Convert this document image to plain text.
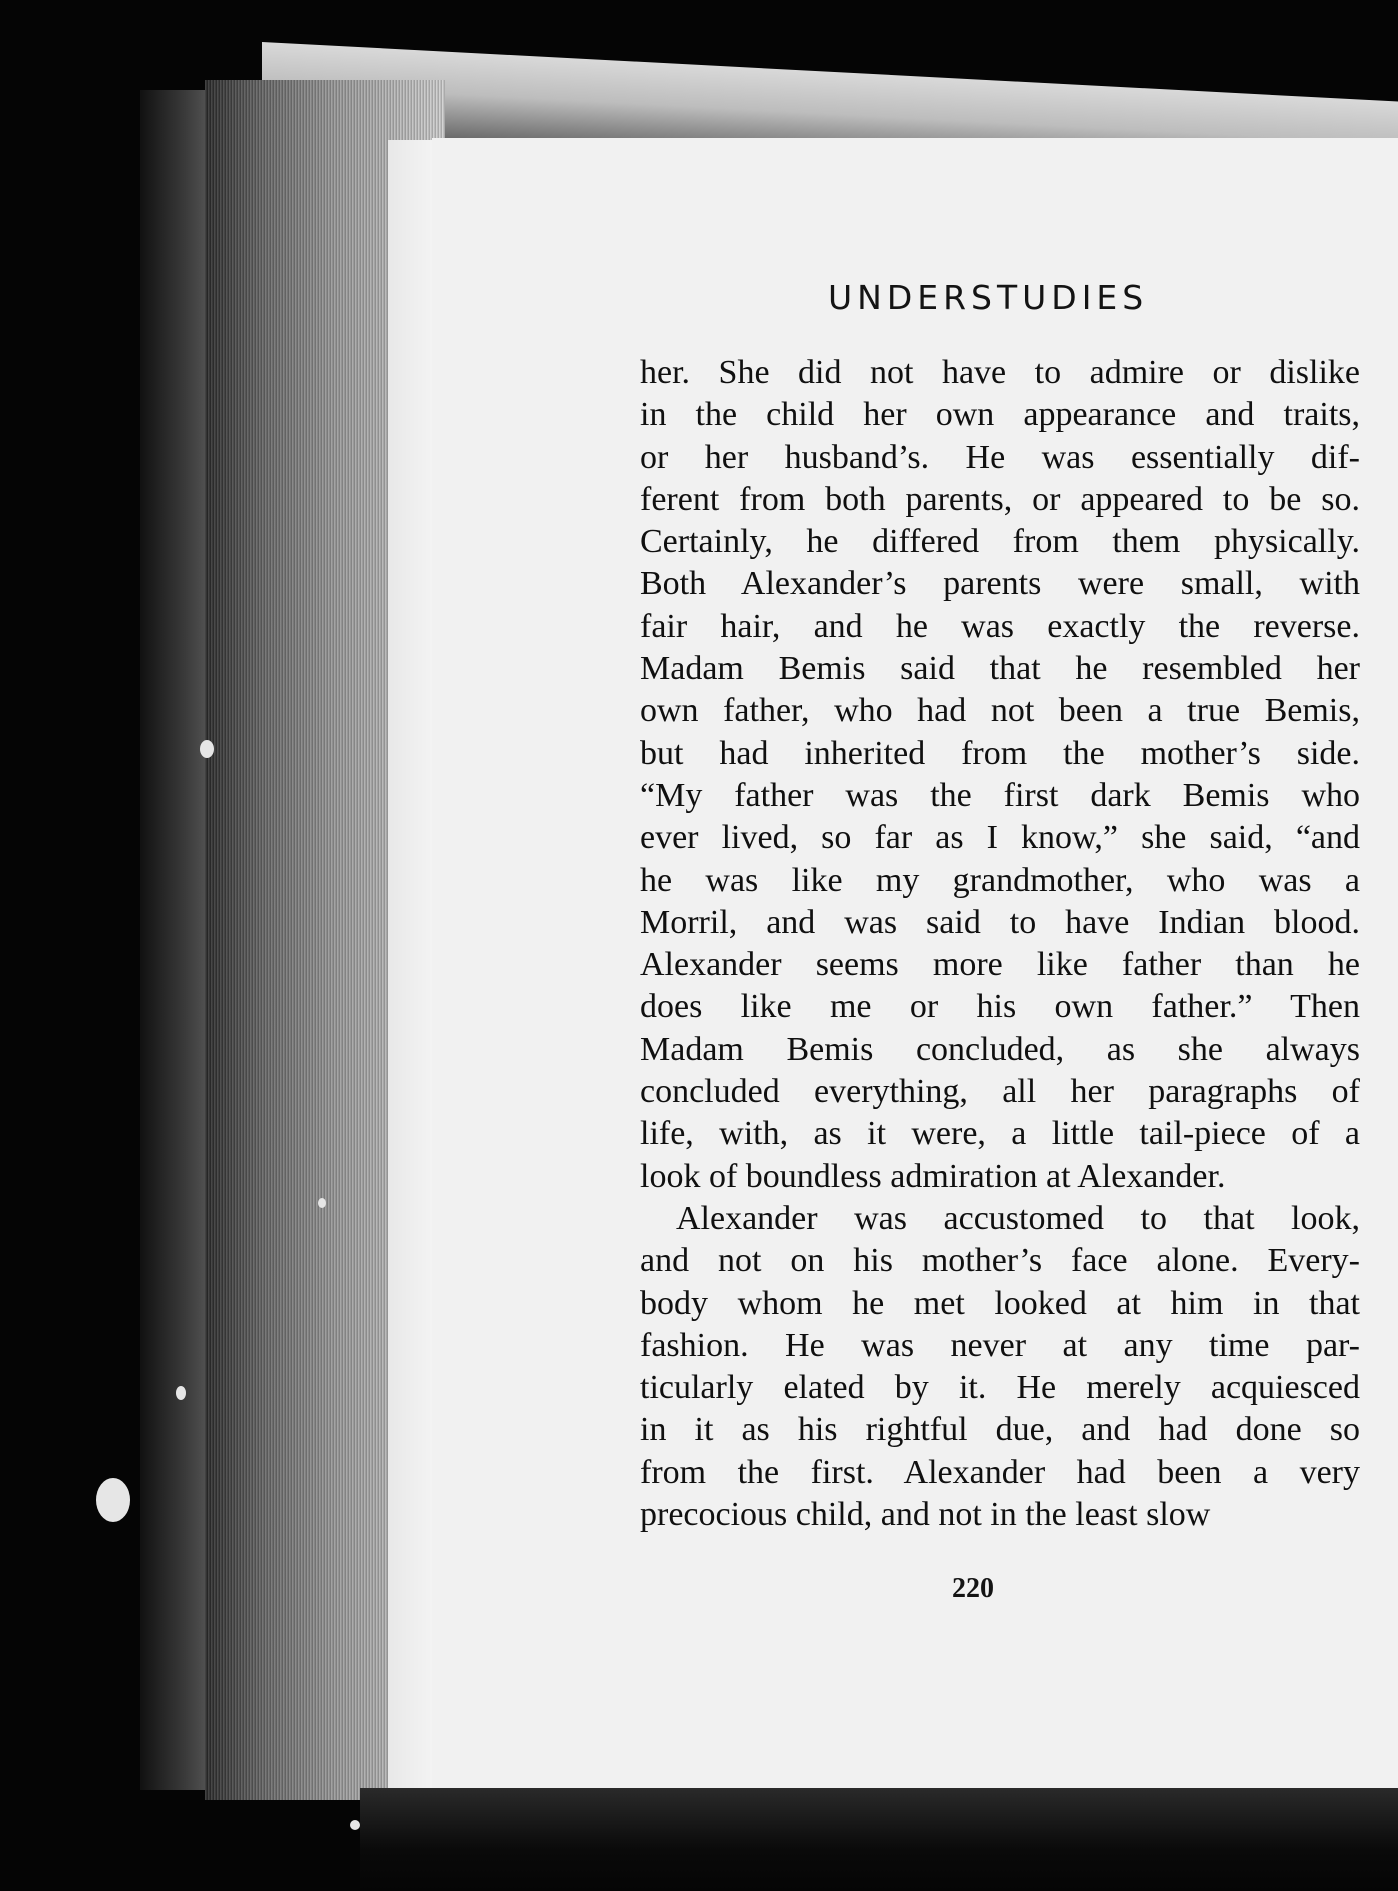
UNDERSTUDIES
her. She did not have to admire or dislike
in the child her own appearance and traits,
or her husband’s. He was essentially dif-
ferent from both parents, or appeared to be so.
Certainly, he differed from them physically.
Both Alexander’s parents were small, with
fair hair, and he was exactly the reverse.
Madam Bemis said that he resembled her
own father, who had not been a true Bemis,
but had inherited from the mother’s side.
“My father was the first dark Bemis who
ever lived, so far as I know,” she said, “and
he was like my grandmother, who was a
Morril, and was said to have Indian blood.
Alexander seems more like father than he
does like me or his own father.” Then
Madam Bemis concluded, as she always
concluded everything, all her paragraphs of
life, with, as it were, a little tail-piece of a
look of boundless admiration at Alexander.
Alexander was accustomed to that look,
and not on his mother’s face alone. Every-
body whom he met looked at him in that
fashion. He was never at any time par-
ticularly elated by it. He merely acquiesced
in it as his rightful due, and had done so
from the first. Alexander had been a very
precocious child, and not in the least slow
220
